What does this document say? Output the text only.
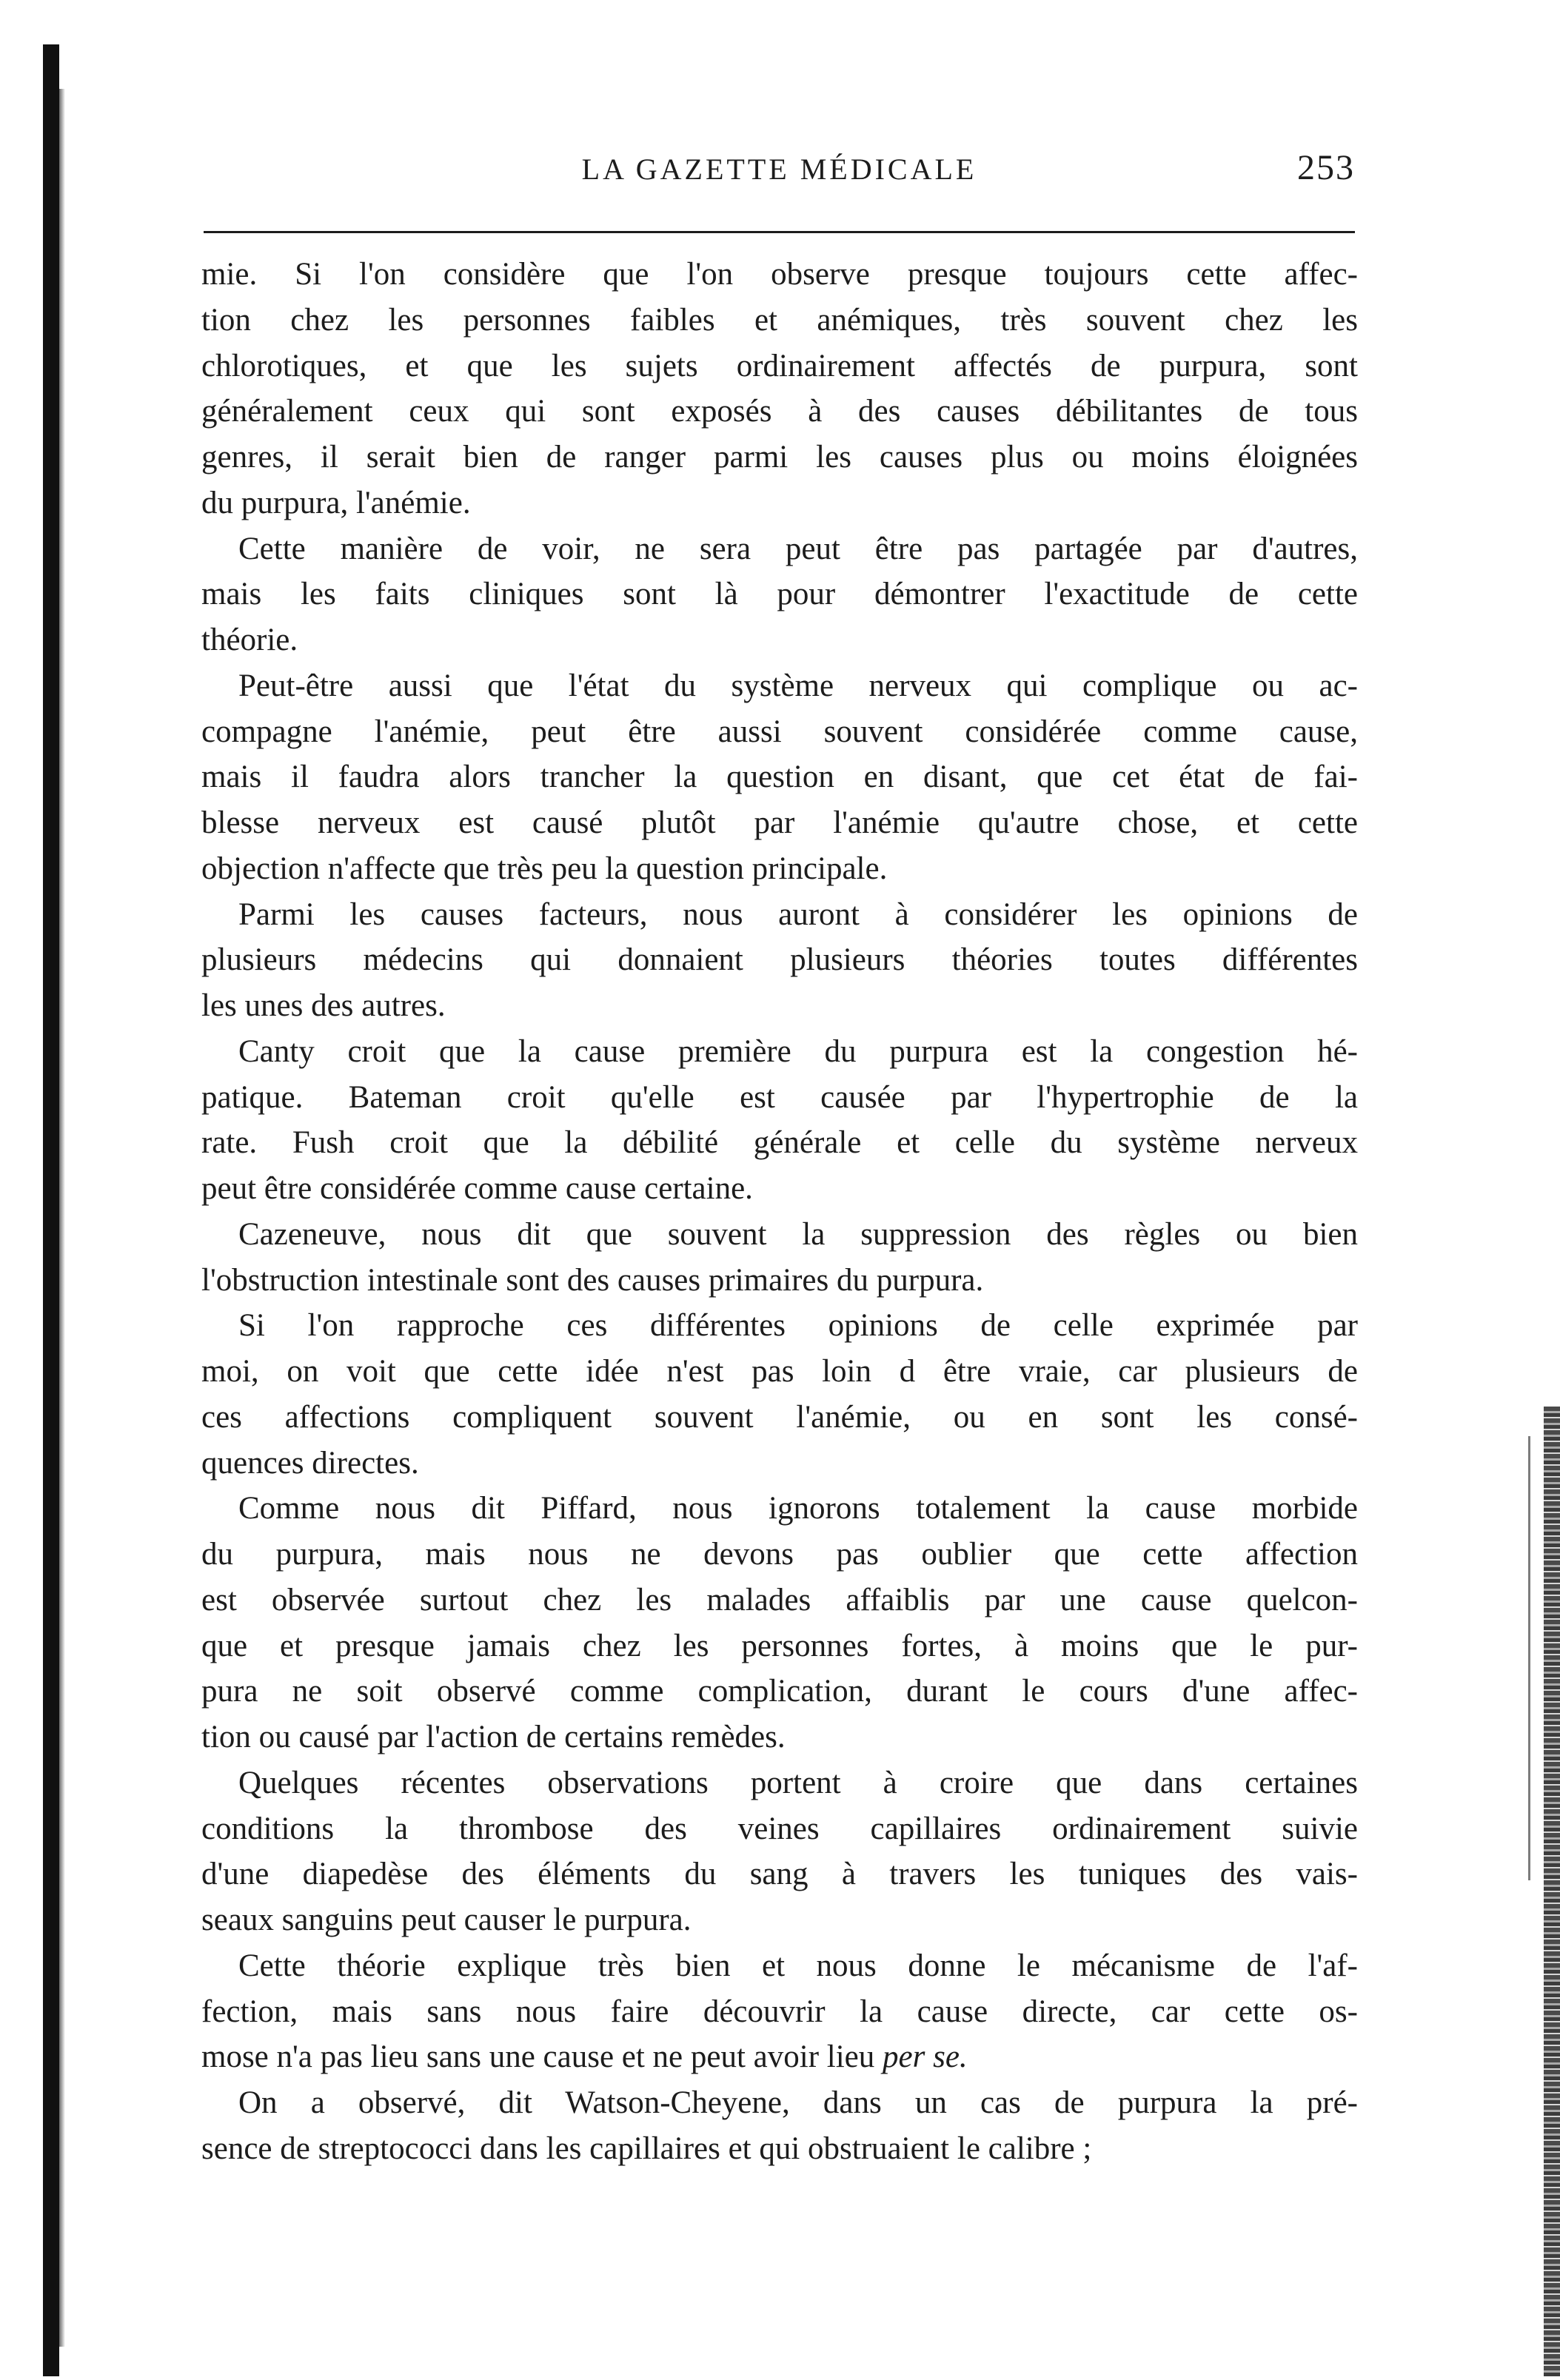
LA GAZETTE MÉDICALE	253
mie. Si l'on considère que l'on observe presque toujours cette affec-
tion chez les personnes faibles et anémiques, très souvent chez les
chlorotiques, et que les sujets ordinairement affectés de purpura, sont
généralement ceux qui sont exposés à des causes débilitantes de tous
genres, il serait bien de ranger parmi les causes plus ou moins éloignées
du purpura, l'anémie.
Cette manière de voir, ne sera peut être pas partagée par d'autres,
mais les faits cliniques sont là pour démontrer l'exactitude de cette
théorie.
Peut-être aussi que l'état du système nerveux qui complique ou ac-
compagne l'anémie, peut être aussi souvent considérée comme cause,
mais il faudra alors trancher la question en disant, que cet état de fai-
blesse nerveux est causé plutôt par l'anémie qu'autre chose, et cette
objection n'affecte que très peu la question principale.
Parmi les causes facteurs, nous auront à considérer les opinions de
plusieurs médecins qui donnaient plusieurs théories toutes différentes
les unes des autres.
Canty croit que la cause première du purpura est la congestion hé-
patique. Bateman croit qu'elle est causée par l'hypertrophie de la
rate. Fush croit que la débilité générale et celle du système nerveux
peut être considérée comme cause certaine.
Cazeneuve, nous dit que souvent la suppression des règles ou bien
l'obstruction intestinale sont des causes primaires du purpura.
Si l'on rapproche ces différentes opinions de celle exprimée par
moi, on voit que cette idée n'est pas loin d être vraie, car plusieurs de
ces affections compliquent souvent l'anémie, ou en sont les consé-
quences directes.
Comme nous dit Piffard, nous ignorons totalement la cause morbide
du purpura, mais nous ne devons pas oublier que cette affection
est observée surtout chez les malades affaiblis par une cause quelcon-
que et presque jamais chez les personnes fortes, à moins que le pur-
pura ne soit observé comme complication, durant le cours d'une affec-
tion ou causé par l'action de certains remèdes.
Quelques récentes observations portent à croire que dans certaines
conditions la thrombose des veines capillaires ordinairement suivie
d'une diapedèse des éléments du sang à travers les tuniques des vais-
seaux sanguins peut causer le purpura.
Cette théorie explique très bien et nous donne le mécanisme de l'af-
fection, mais sans nous faire découvrir la cause directe, car cette os-
mose n'a pas lieu sans une cause et ne peut avoir lieu per se.
On a observé, dit Watson-Cheyene, dans un cas de purpura la pré-
sence de streptococci dans les capillaires et qui obstruaient le calibre ;
